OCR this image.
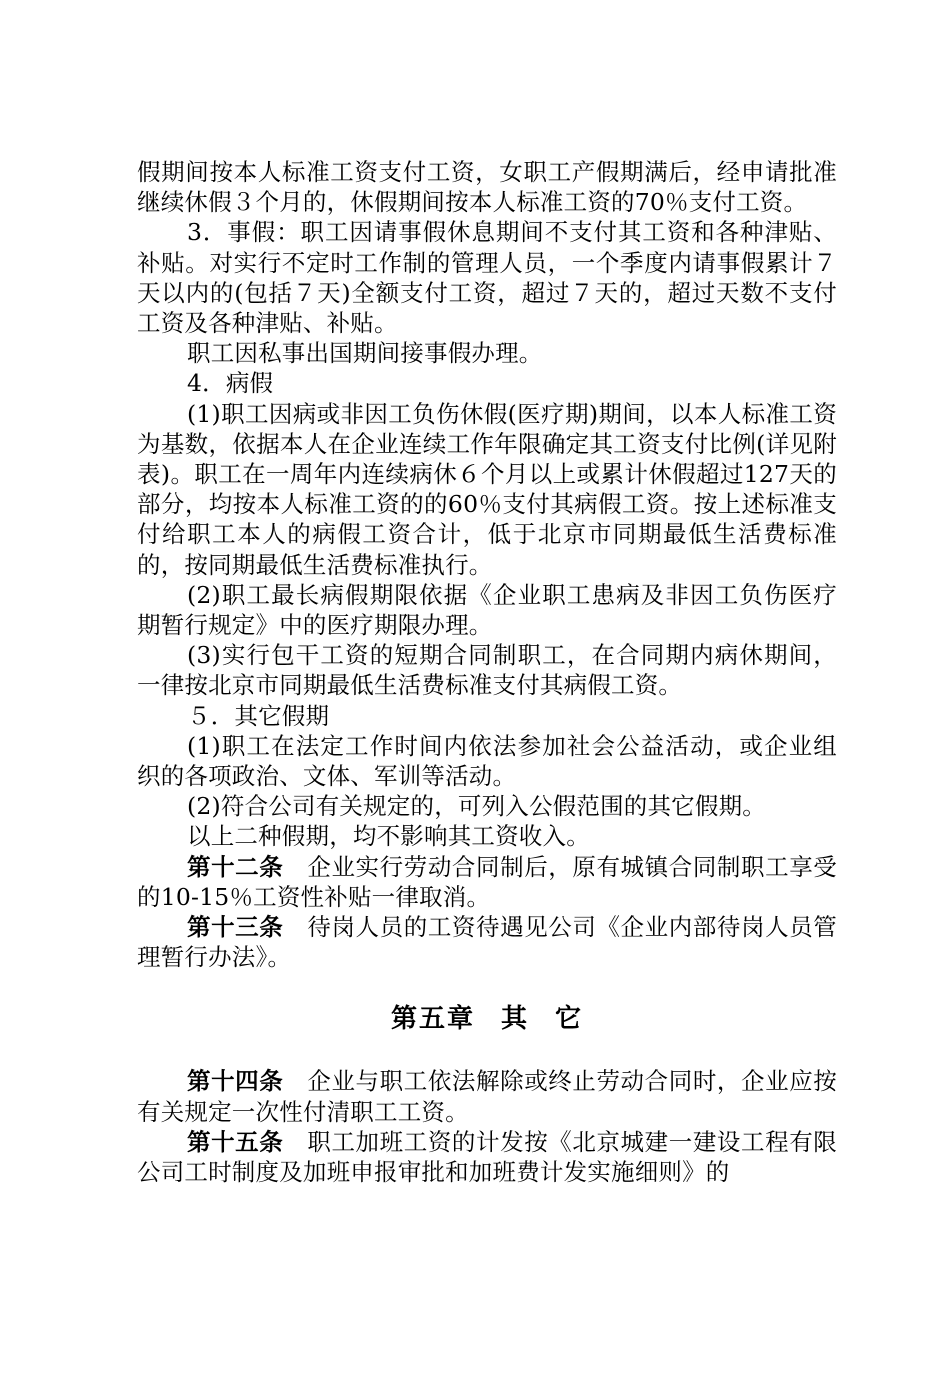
假期间按本人标准工资支付工资，女职工产假期满后，经申请批准继续休假３个月的，休假期间按本人标准工资的70％支付工资。

3．事假：职工因请事假休息期间不支付其工资和各种津贴、补贴。对实行不定时工作制的管理人员，一个季度内请事假累计７天以内的(包括７天)全额支付工资，超过７天的，超过天数不支付工资及各种津贴、补贴。

职工因私事出国期间接事假办理。

4．病假

(1)职工因病或非因工负伤休假(医疗期)期间，以本人标准工资为基数，依据本人在企业连续工作年限确定其工资支付比例(详见附表)。职工在一周年内连续病休６个月以上或累计休假超过127天的部分，均按本人标准工资的的60％支付其病假工资。按上述标准支付给职工本人的病假工资合计，低于北京市同期最低生活费标准的，按同期最低生活费标准执行。

(2)职工最长病假期限依据《企业职工患病及非因工负伤医疗期暂行规定》中的医疗期限办理。

(3)实行包干工资的短期合同制职工，在合同期内病休期间，一律按北京市同期最低生活费标准支付其病假工资。

５．其它假期

(1)职工在法定工作时间内依法参加社会公益活动，或企业组织的各项政治、文体、军训等活动。

(2)符合公司有关规定的，可列入公假范围的其它假期。

以上二种假期，均不影响其工资收入。

第十二条 企业实行劳动合同制后，原有城镇合同制职工享受的10-15％工资性补贴一律取消。

第十三条 待岗人员的工资待遇见公司《企业内部待岗人员管理暂行办法》。

第五章 其 它

第十四条 企业与职工依法解除或终止劳动合同时，企业应按有关规定一次性付清职工工资。

第十五条 职工加班工资的计发按《北京城建一建设工程有限公司工时制度及加班申报审批和加班费计发实施细则》的
